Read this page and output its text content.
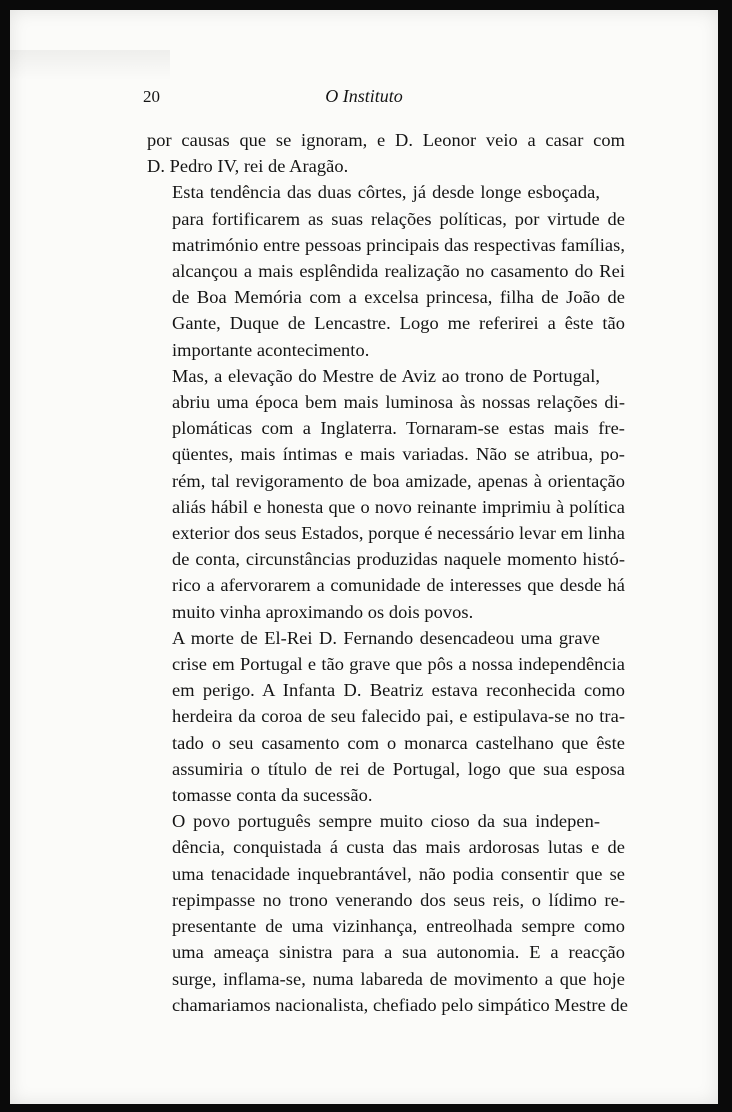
20	O Instituto

por causas que se ignoram, e D. Leonor veio a casar com
D. Pedro IV, rei de Aragão.

Esta tendência das duas côrtes, já desde longe esboçada,
para fortificarem as suas relações políticas, por virtude de
matrimónio entre pessoas principais das respectivas famílias,
alcançou a mais esplêndida realização no casamento do Rei
de Boa Memória com a excelsa princesa, filha de João de
Gante, Duque de Lencastre. Logo me referirei a êste tão
importante acontecimento.

Mas, a elevação do Mestre de Aviz ao trono de Portugal,
abriu uma época bem mais luminosa às nossas relações di-
plomáticas com a Inglaterra. Tornaram-se estas mais fre-
qüentes, mais íntimas e mais variadas. Não se atribua, po-
rém, tal revigoramento de boa amizade, apenas à orientação
aliás hábil e honesta que o novo reinante imprimiu à política
exterior dos seus Estados, porque é necessário levar em linha
de conta, circunstâncias produzidas naquele momento histó-
rico a afervorarem a comunidade de interesses que desde há
muito vinha aproximando os dois povos.

A morte de El-Rei D. Fernando desencadeou uma grave
crise em Portugal e tão grave que pôs a nossa independência
em perigo. A Infanta D. Beatriz estava reconhecida como
herdeira da coroa de seu falecido pai, e estipulava-se no tra-
tado o seu casamento com o monarca castelhano que êste
assumiria o título de rei de Portugal, logo que sua esposa
tomasse conta da sucessão.

O povo português sempre muito cioso da sua indepen-
dência, conquistada á custa das mais ardorosas lutas e de
uma tenacidade inquebrantável, não podia consentir que se
repimpasse no trono venerando dos seus reis, o lídimo re-
presentante de uma vizinhança, entreolhada sempre como
uma ameaça sinistra para a sua autonomia. E a reacção
surge, inflama-se, numa labareda de movimento a que hoje
chamariamos nacionalista, chefiado pelo simpático Mestre de
